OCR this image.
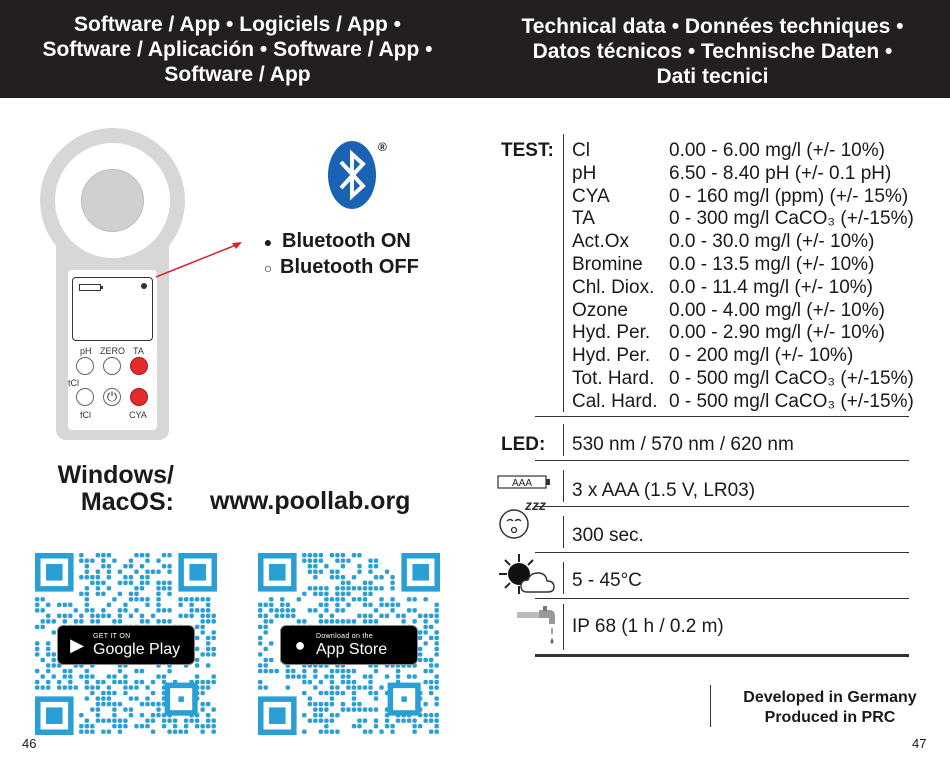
Software / App • Logiciels / App •
Software / Aplicación • Software / App •
Software / App
pH ZERO TA
tCl
fCl	CYA
⏻
®
● Bluetooth ON
○ Bluetooth OFF
Windows/
MacOS: www.poollab.org
▶	GET IT ON
Google Play	●	Download on the
App Store
46
Technical data • Données techniques •
Datos técnicos • Technische Daten •
Dati tecnici
TEST: Cl	0.00 - 6.00 mg/l (+/- 10%)
pH	6.50 - 8.40 pH (+/- 0.1 pH)
CYA	0 - 160 mg/l (ppm) (+/- 15%)
TA	0 - 300 mg/l CaCO₃ (+/-15%)
Act.Ox	0.0 - 30.0 mg/l (+/- 10%)
Bromine	0.0 - 13.5 mg/l (+/- 10%)
Chl. Diox. 0.0 - 11.4 mg/l (+/- 10%)
Ozone	0.00 - 4.00 mg/l (+/- 10%)
Hyd. Per. 0.00 - 2.90 mg/l (+/- 10%)
Hyd. Per. 0 - 200 mg/l (+/- 10%)
Tot. Hard. 0 - 500 mg/l CaCO₃ (+/-15%)
Cal. Hard. 0 - 500 mg/l CaCO₃ (+/-15%)
LED: 530 nm / 570 nm / 620 nm
AAA 3 x AAA (1.5 V, LR03)
zzz
300 sec.
5 - 45°C
IP 68 (1 h / 0.2 m)
Developed in Germany
Produced in PRC
47
